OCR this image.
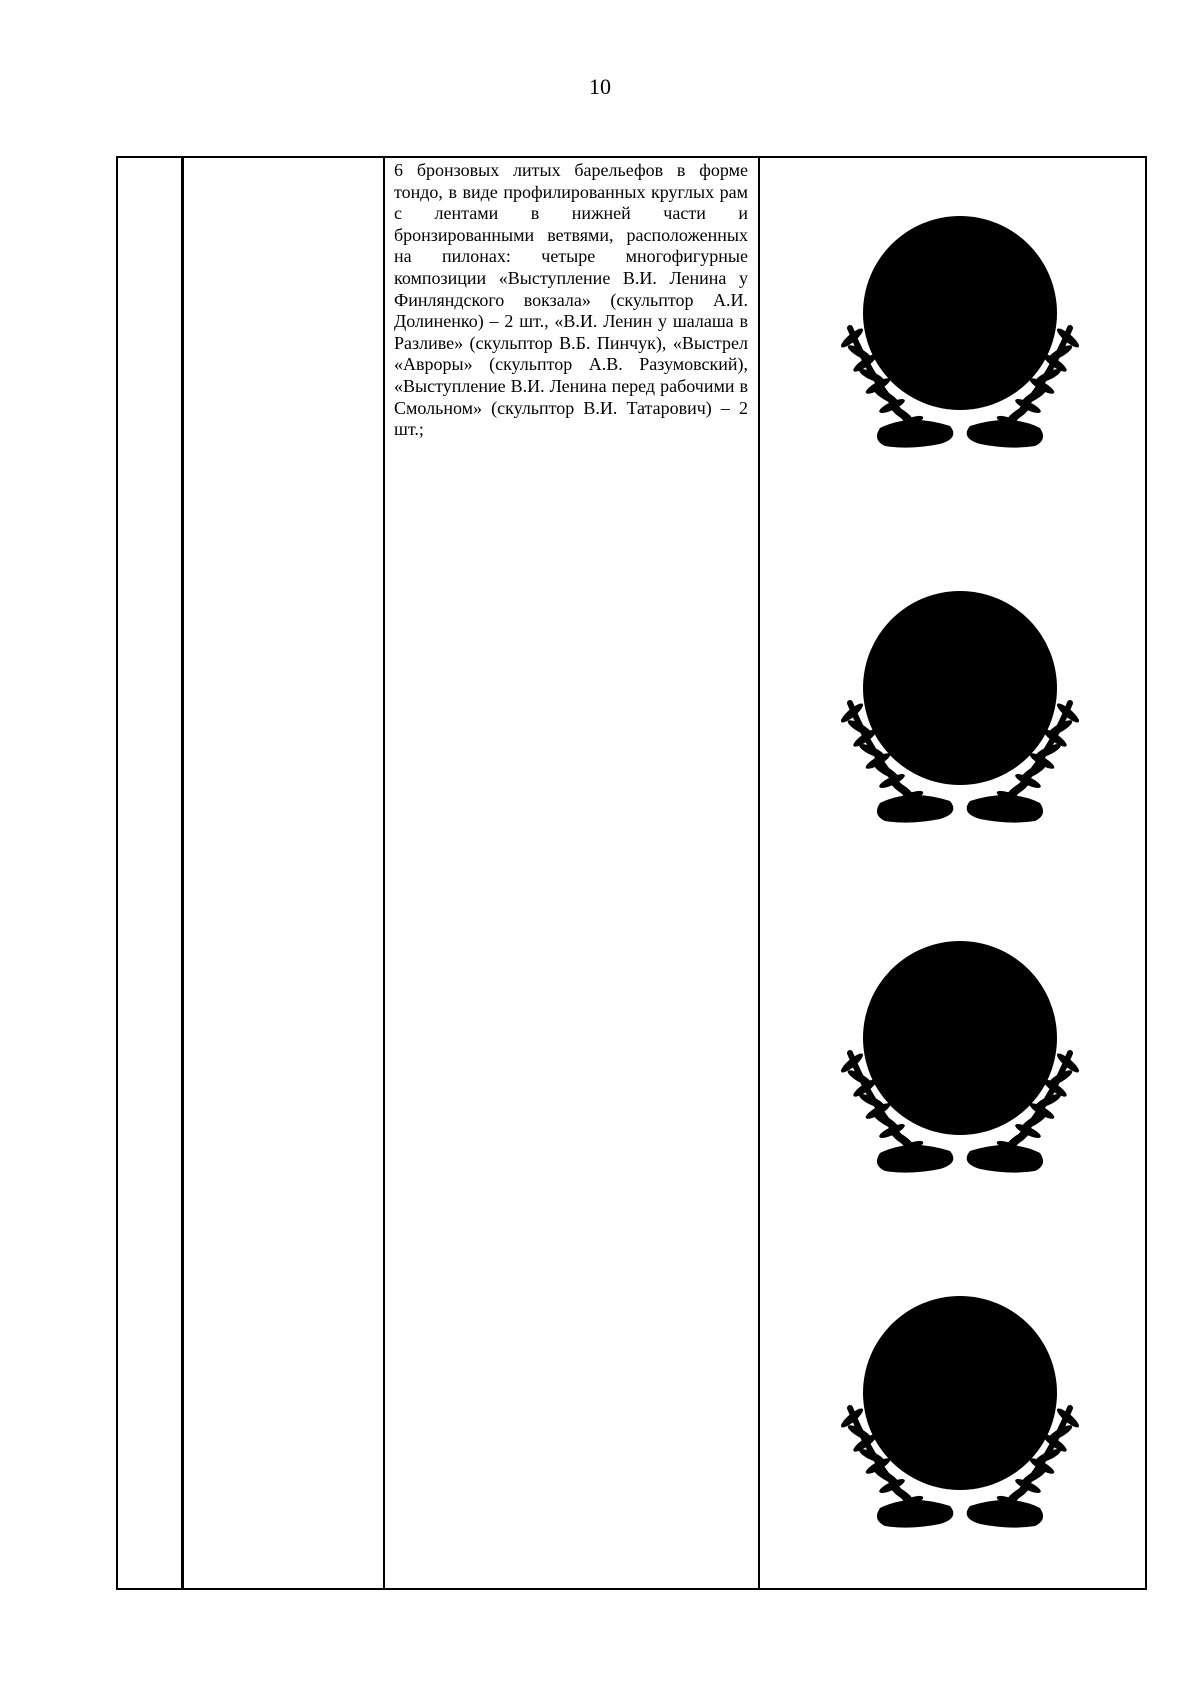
10
6 бронзовых литых барельефов в форме тондо, в виде профилированных круглых рам с лентами в нижней части и бронзированными ветвями, расположенных на пилонах: четыре многофигурные композиции «Выступление В.И. Ленина у Финляндского вокзала» (скульптор А.И. Долиненко) – 2 шт., «В.И. Ленин у шалаша в Разливе» (скульптор В.Б. Пинчук), «Выстрел «Авроры» (скульптор А.В. Разумовский), «Выступление В.И. Ленина перед рабочими в Смольном» (скульптор В.И. Татарович) – 2 шт.;
